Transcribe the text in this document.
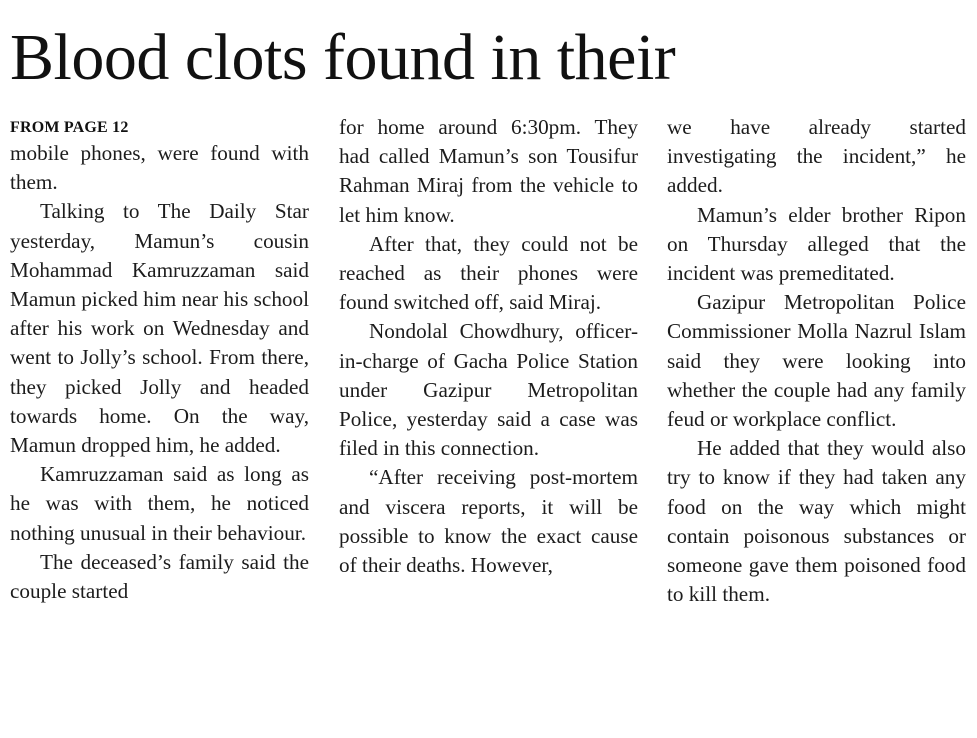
Blood clots found in their
FROM PAGE 12

mobile phones, were found with them.

Talking to The Daily Star yesterday, Mamun’s cousin Mohammad Kamruzzaman said Mamun picked him near his school after his work on Wednesday and went to Jolly’s school. From there, they picked Jolly and headed towards home. On the way, Mamun dropped him, he added.

Kamruzzaman said as long as he was with them, he noticed nothing unusual in their behaviour.

The deceased’s family said the couple started

for home around 6:30pm. They had called Mamun’s son Tousifur Rahman Miraj from the vehicle to let him know.

After that, they could not be reached as their phones were found switched off, said Miraj.

Nondolal Chowdhury, officer-in-charge of Gacha Police Station under Gazipur Metropolitan Police, yesterday said a case was filed in this connection.

“After receiving post-mortem and viscera reports, it will be possible to know the exact cause of their deaths. However,

we have already started investigating the incident,” he added.

Mamun’s elder brother Ripon on Thursday alleged that the incident was premeditated.

Gazipur Metropolitan Police Commissioner Molla Nazrul Islam said they were looking into whether the couple had any family feud or workplace conflict.

He added that they would also try to know if they had taken any food on the way which might contain poisonous substances or someone gave them poisoned food to kill them.
